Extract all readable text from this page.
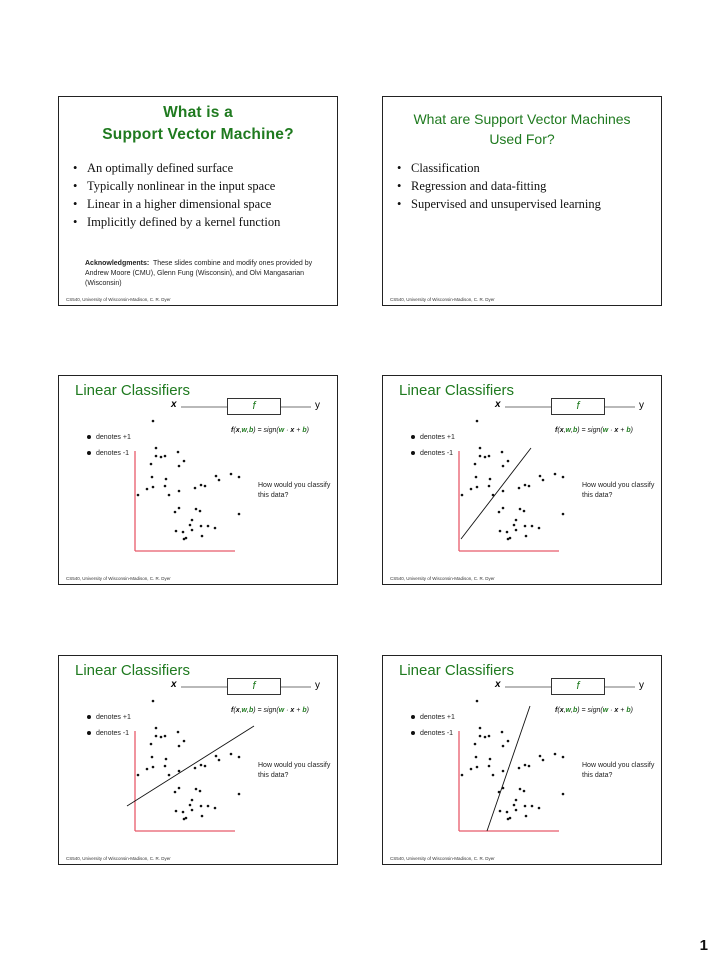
What is a
Support Vector Machine?
• An optimally defined surface
• Typically nonlinear in the input space
• Linear in a higher dimensional space
• Implicitly defined by a kernel function
Acknowledgments: These slides combine and modify ones provided by Andrew Moore (CMU), Glenn Fung (Wisconsin), and Olvi Mangasarian (Wisconsin)
CS540, University of Wisconsin-Madison, C. R. Dyer
What are Support Vector Machines
Used For?
• Classification
• Regression and data-fitting
• Supervised and unsupervised learning
CS540, University of Wisconsin-Madison, C. R. Dyer
Linear Classifiers
x	f	y
f(x,w,b) = sign(w · x + b)
denotes +1
denotes -1
How would you classify this data?
CS540, University of Wisconsin-Madison, C. R. Dyer
Linear Classifiers
x	f	y
f(x,w,b) = sign(w · x + b)
denotes +1
denotes -1
How would you classify this data?
CS540, University of Wisconsin-Madison, C. R. Dyer
Linear Classifiers
x	f	y
f(x,w,b) = sign(w · x + b)
denotes +1
denotes -1
How would you classify this data?
CS540, University of Wisconsin-Madison, C. R. Dyer
Linear Classifiers
x	f	y
f(x,w,b) = sign(w · x + b)
denotes +1
denotes -1
How would you classify this data?
CS540, University of Wisconsin-Madison, C. R. Dyer
1
